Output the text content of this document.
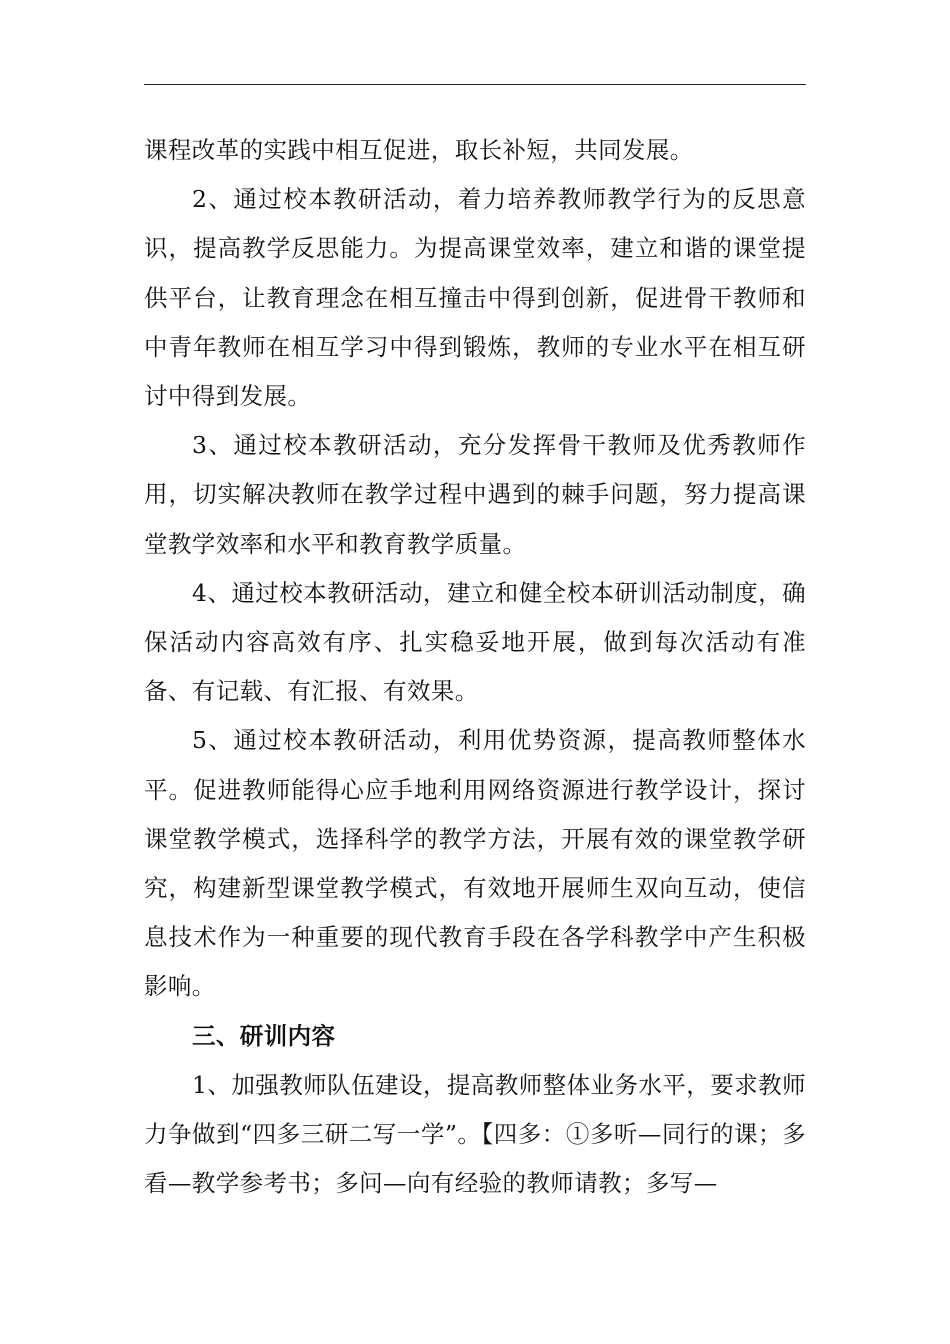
课程改革的实践中相互促进，取长补短，共同发展。

2、通过校本教研活动，着力培养教师教学行为的反思意识，提高教学反思能力。为提高课堂效率，建立和谐的课堂提供平台，让教育理念在相互撞击中得到创新，促进骨干教师和中青年教师在相互学习中得到锻炼，教师的专业水平在相互研讨中得到发展。

3、通过校本教研活动，充分发挥骨干教师及优秀教师作用，切实解决教师在教学过程中遇到的棘手问题，努力提高课堂教学效率和水平和教育教学质量。

4、通过校本教研活动，建立和健全校本研训活动制度，确保活动内容高效有序、扎实稳妥地开展，做到每次活动有准备、有记载、有汇报、有效果。

5、通过校本教研活动，利用优势资源，提高教师整体水平。促进教师能得心应手地利用网络资源进行教学设计，探讨课堂教学模式，选择科学的教学方法，开展有效的课堂教学研究，构建新型课堂教学模式，有效地开展师生双向互动，使信息技术作为一种重要的现代教育手段在各学科教学中产生积极影响。

三、研训内容

1、加强教师队伍建设，提高教师整体业务水平，要求教师力争做到“四多三研二写一学”。【四多：①多听—同行的课；多看—教学参考书；多问—向有经验的教师请教；多写—
